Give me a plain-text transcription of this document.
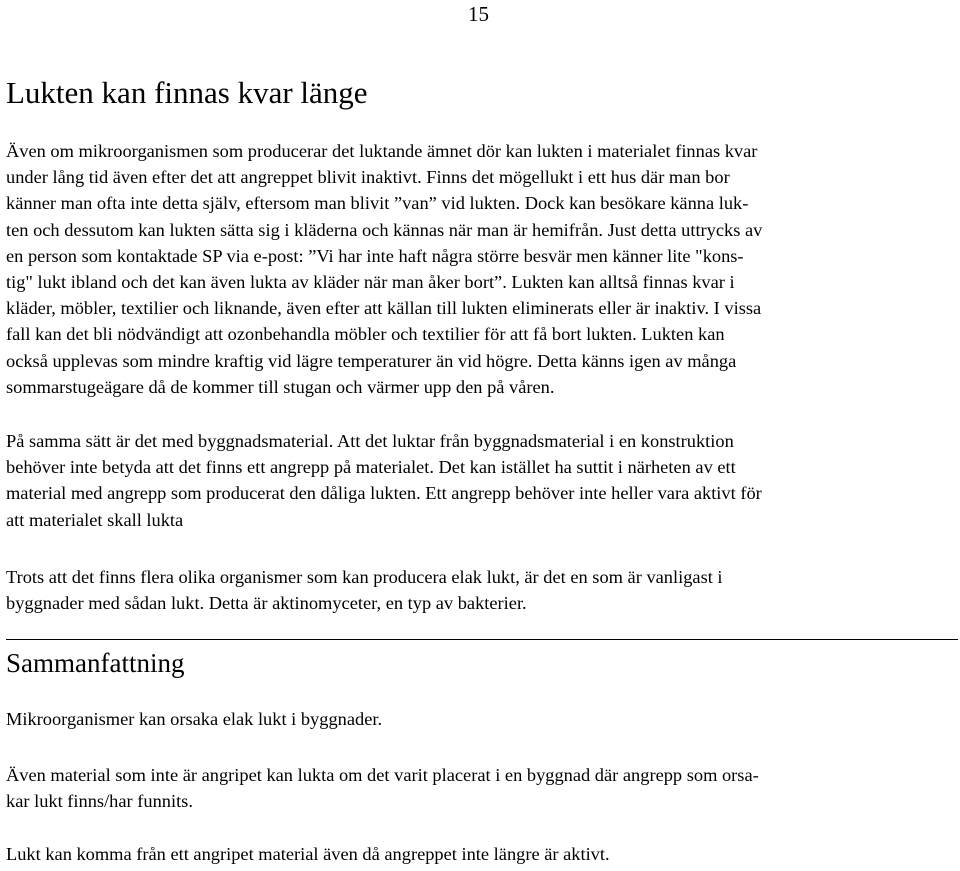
15
Lukten kan finnas kvar länge

Även om mikroorganismen som producerar det luktande ämnet dör kan lukten i materialet finnas kvar
under lång tid även efter det att angreppet blivit inaktivt. Finns det mögellukt i ett hus där man bor
känner man ofta inte detta själv, eftersom man blivit ”van” vid lukten. Dock kan besökare känna luk-
ten och dessutom kan lukten sätta sig i kläderna och kännas när man är hemifrån. Just detta uttrycks av
en person som kontaktade SP via e-post: ”Vi har inte haft några större besvär men känner lite "kons-
tig" lukt ibland och det kan även lukta av kläder när man åker bort”. Lukten kan alltså finnas kvar i
kläder, möbler, textilier och liknande, även efter att källan till lukten eliminerats eller är inaktiv. I vissa
fall kan det bli nödvändigt att ozonbehandla möbler och textilier för att få bort lukten. Lukten kan
också upplevas som mindre kraftig vid lägre temperaturer än vid högre. Detta känns igen av många
sommarstugeägare då de kommer till stugan och värmer upp den på våren.

På samma sätt är det med byggnadsmaterial. Att det luktar från byggnadsmaterial i en konstruktion
behöver inte betyda att det finns ett angrepp på materialet. Det kan istället ha suttit i närheten av ett
material med angrepp som producerat den dåliga lukten. Ett angrepp behöver inte heller vara aktivt för
att materialet skall lukta

Trots att det finns flera olika organismer som kan producera elak lukt, är det en som är vanligast i
byggnader med sådan lukt. Detta är aktinomyceter, en typ av bakterier.

Sammanfattning

Mikroorganismer kan orsaka elak lukt i byggnader.

Även material som inte är angripet kan lukta om det varit placerat i en byggnad där angrepp som orsa-
kar lukt finns/har funnits.

Lukt kan komma från ett angripet material även då angreppet inte längre är aktivt.
